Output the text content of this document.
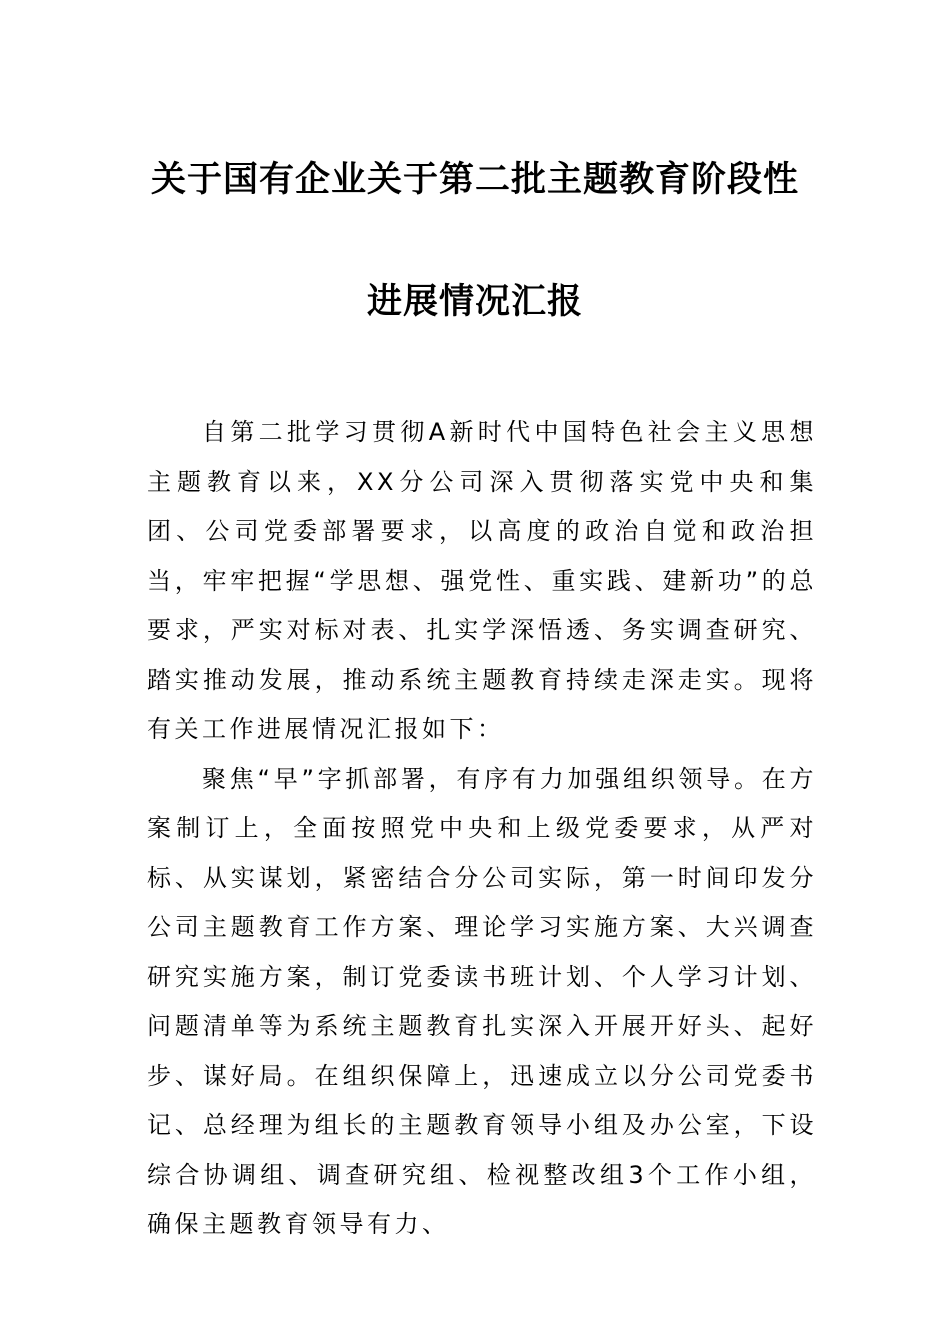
关于国有企业关于第二批主题教育阶段性
进展情况汇报

自第二批学习贯彻A新时代中国特色社会主义思想主题教育以来，XX分公司深入贯彻落实党中央和集团、公司党委部署要求，以高度的政治自觉和政治担当，牢牢把握“学思想、强党性、重实践、建新功”的总要求，严实对标对表、扎实学深悟透、务实调查研究、踏实推动发展，推动系统主题教育持续走深走实。现将有关工作进展情况汇报如下：

聚焦“早”字抓部署，有序有力加强组织领导。在方案制订上，全面按照党中央和上级党委要求，从严对标、从实谋划，紧密结合分公司实际，第一时间印发分公司主题教育工作方案、理论学习实施方案、大兴调查研究实施方案，制订党委读书班计划、个人学习计划、问题清单等为系统主题教育扎实深入开展开好头、起好步、谋好局。在组织保障上，迅速成立以分公司党委书记、总经理为组长的主题教育领导小组及办公室，下设综合协调组、调查研究组、检视整改组3个工作小组，确保主题教育领导有力、
